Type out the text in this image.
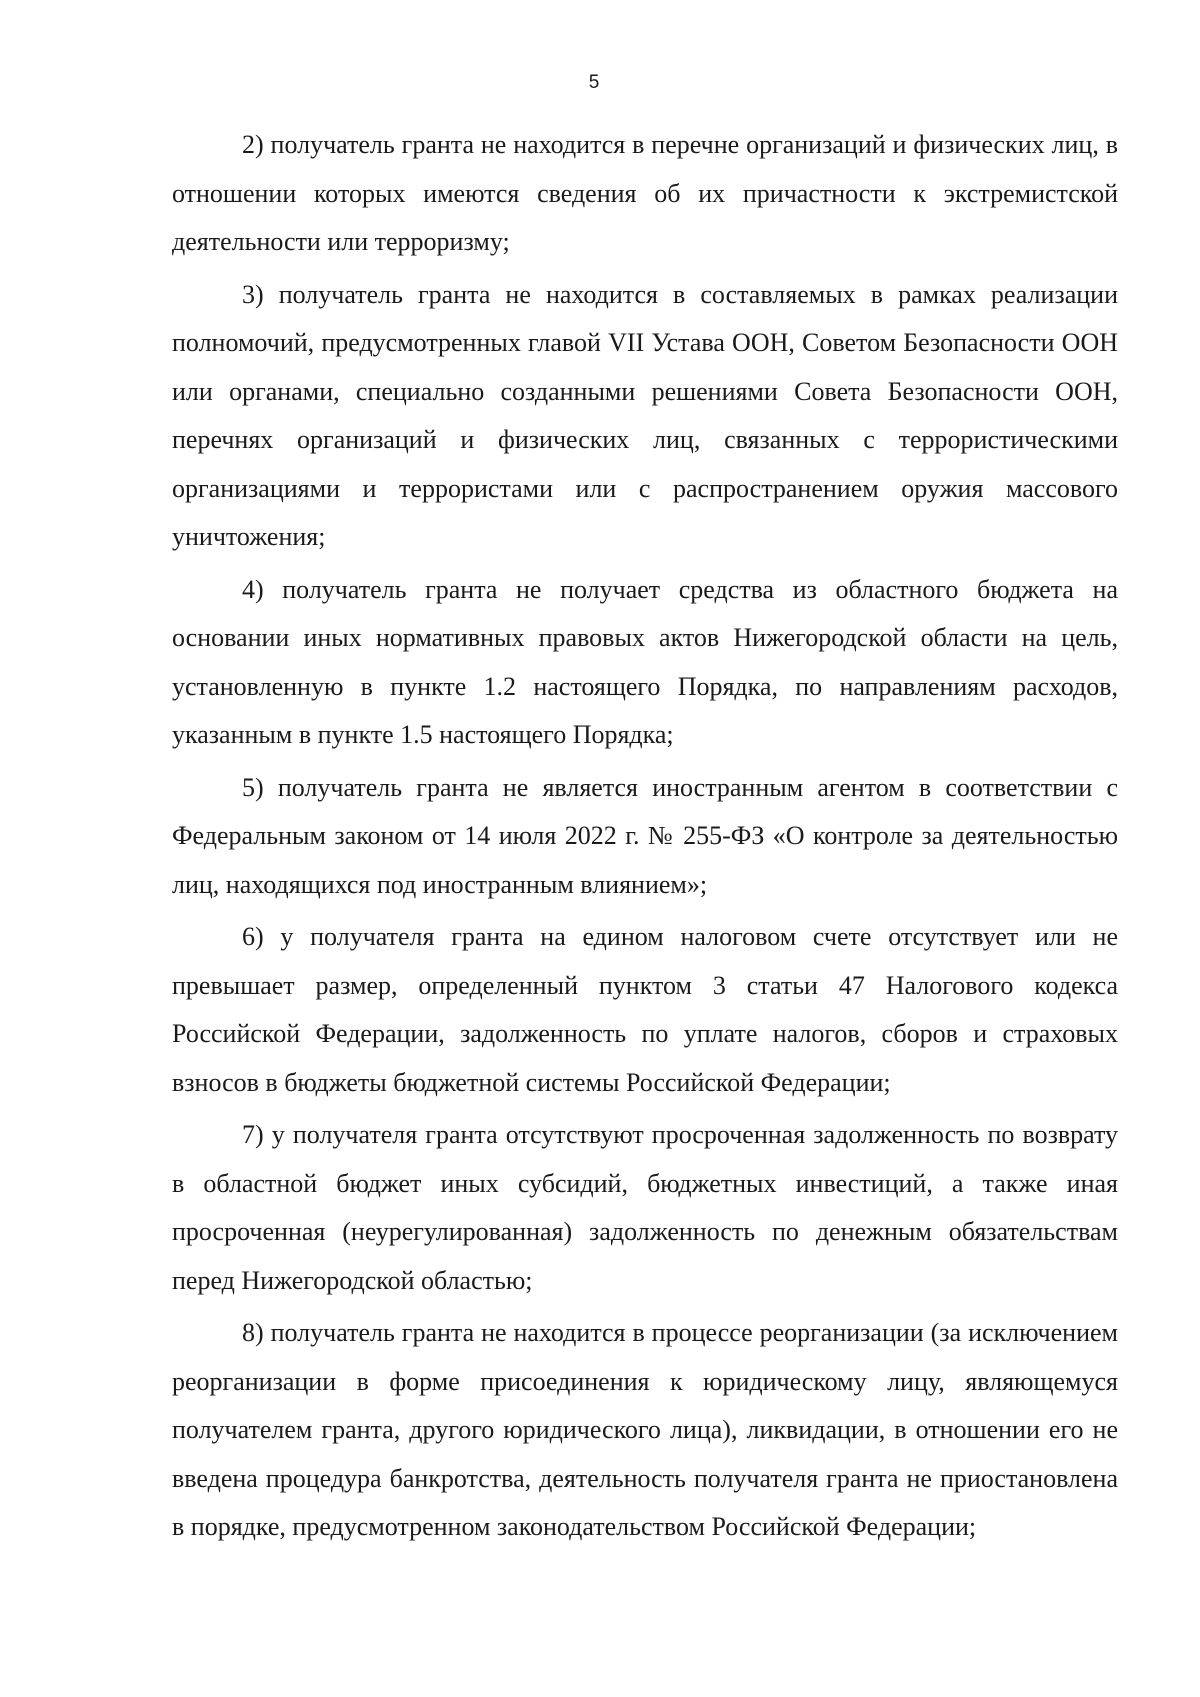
5

2) получатель гранта не находится в перечне организаций и физических лиц, в отношении которых имеются сведения об их причастности к экстремистской деятельности или терроризму;

3) получатель гранта не находится в составляемых в рамках реализации полномочий, предусмотренных главой VII Устава ООН, Советом Безопасности ООН или органами, специально созданными решениями Совета Безопасности ООН, перечнях организаций и физических лиц, связанных с террористическими организациями и террористами или с распространением оружия массового уничтожения;

4) получатель гранта не получает средства из областного бюджета на основании иных нормативных правовых актов Нижегородской области на цель, установленную в пункте 1.2 настоящего Порядка, по направлениям расходов, указанным в пункте 1.5 настоящего Порядка;

5) получатель гранта не является иностранным агентом в соответствии с Федеральным законом от 14 июля 2022 г. № 255-ФЗ «О контроле за деятельностью лиц, находящихся под иностранным влиянием»;

6) у получателя гранта на едином налоговом счете отсутствует или не превышает размер, определенный пунктом 3 статьи 47 Налогового кодекса Российской Федерации, задолженность по уплате налогов, сборов и страховых взносов в бюджеты бюджетной системы Российской Федерации;

7) у получателя гранта отсутствуют просроченная задолженность по возврату в областной бюджет иных субсидий, бюджетных инвестиций, а также иная просроченная (неурегулированная) задолженность по денежным обязательствам перед Нижегородской областью;

8) получатель гранта не находится в процессе реорганизации (за исключением реорганизации в форме присоединения к юридическому лицу, являющемуся получателем гранта, другого юридического лица), ликвидации, в отношении его не введена процедура банкротства, деятельность получателя гранта не приостановлена в порядке, предусмотренном законодательством Российской Федерации;
